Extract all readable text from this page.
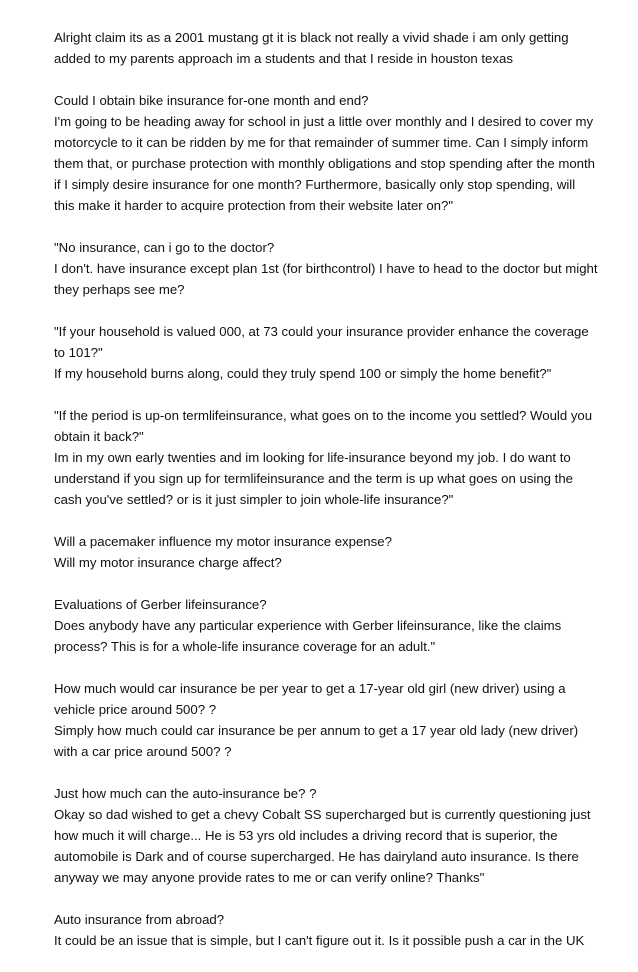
Alright claim its as a 2001 mustang gt it is black not really a vivid shade i am only getting
added to my parents approach im a students and that I reside in houston texas
Could I obtain bike insurance for-one month and end?
I'm going to be heading away for school in just a little over monthly and I desired to cover my
motorcycle to it can be ridden by me for that remainder of summer time. Can I simply inform
them that, or purchase protection with monthly obligations and stop spending after the month
if I simply desire insurance for one month? Furthermore, basically only stop spending, will
this make it harder to acquire protection from their website later on?"
"No insurance, can i go to the doctor?
I don't. have insurance except plan 1st (for birthcontrol) I have to head to the doctor but might
they perhaps see me?
"If your household is valued 000, at 73 could your insurance provider enhance the coverage
to 101?"
If my household burns along, could they truly spend 100 or simply the home benefit?"
"If the period is up-on termlifeinsurance, what goes on to the income you settled? Would you
obtain it back?"
Im in my own early twenties and im looking for life-insurance beyond my job. I do want to
understand if you sign up for termlifeinsurance and the term is up what goes on using the
cash you've settled? or is it just simpler to join whole-life insurance?"
Will a pacemaker influence my motor insurance expense?
Will my motor insurance charge affect?
Evaluations of Gerber lifeinsurance?
Does anybody have any particular experience with Gerber lifeinsurance, like the claims
process? This is for a whole-life insurance coverage for an adult."
How much would car insurance be per year to get a 17-year old girl (new driver) using a
vehicle price around 500? ?
Simply how much could car insurance be per annum to get a 17 year old lady (new driver)
with a car price around 500? ?
Just how much can the auto-insurance be? ?
Okay so dad wished to get a chevy Cobalt SS supercharged but is currently questioning just
how much it will charge... He is 53 yrs old includes a driving record that is superior, the
automobile is Dark and of course supercharged. He has dairyland auto insurance. Is there
anyway we may anyone provide rates to me or can verify online? Thanks"
Auto insurance from abroad?
It could be an issue that is simple, but I can't figure out it. Is it possible push a car in the UK
